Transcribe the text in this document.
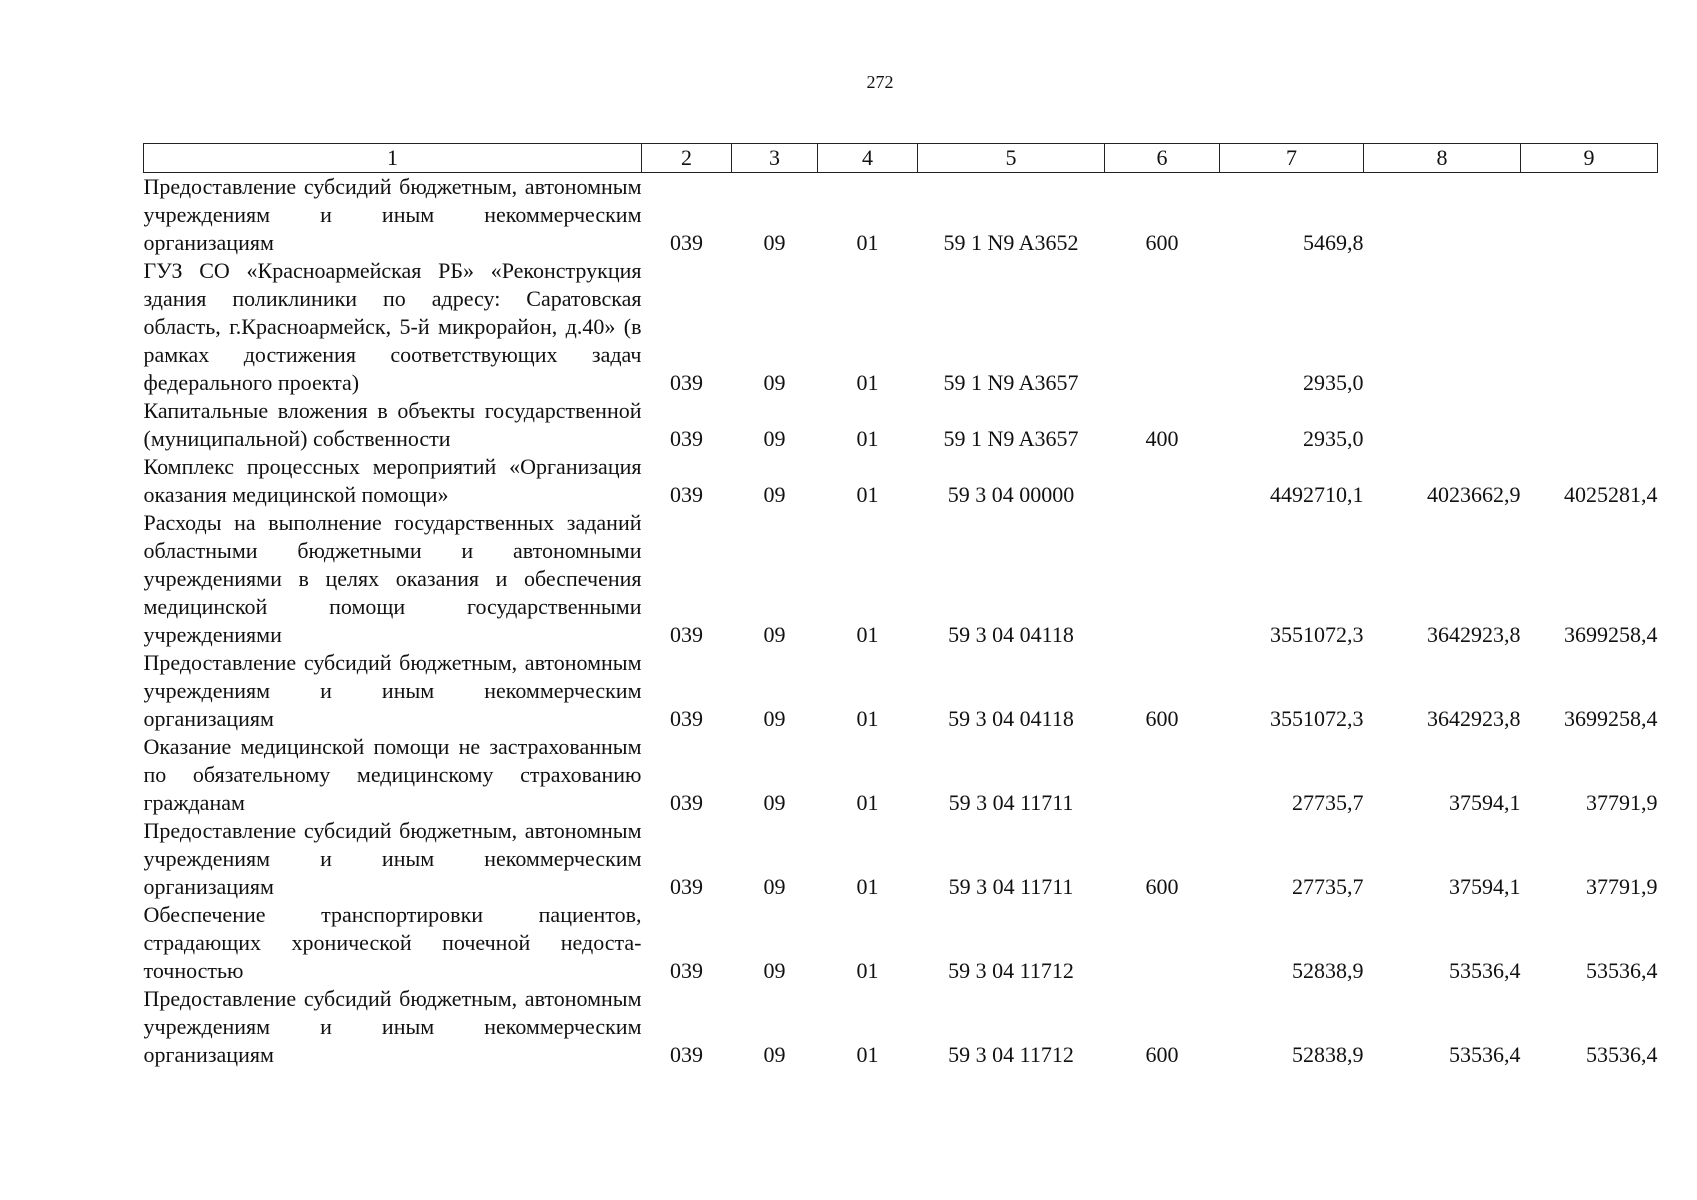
272
1	2	3	4	5	6	7	8	9
Предоставление субсидий бюджетным, автономным учреждениям и иным некоммерческим организациям	039	09	01	59 1 N9 A3652	600	5469,8		
ГУЗ СО «Красноармейская РБ» «Реконструкция здания поликлиники по адресу: Саратовская область, г.Красноармейск, 5-й микрорайон, д.40» (в рамках достижения соответствующих задач федерального проекта)	039	09	01	59 1 N9 A3657		2935,0		
Капитальные вложения в объекты государственной (муниципальной) собственности	039	09	01	59 1 N9 A3657	400	2935,0		
Комплекс процессных мероприятий «Организация оказания медицинской помощи»	039	09	01	59 3 04 00000		4492710,1	4023662,9	4025281,4
Расходы на выполнение государственных заданий областными бюджетными и автономными учреждениями в целях оказания и обеспечения медицинской помощи государственными учреждениями	039	09	01	59 3 04 04118		3551072,3	3642923,8	3699258,4
Предоставление субсидий бюджетным, автономным учреждениям и иным некоммерческим организациям	039	09	01	59 3 04 04118	600	3551072,3	3642923,8	3699258,4
Оказание медицинской помощи не застрахованным по обязательному медицинскому страхованию гражданам	039	09	01	59 3 04 11711		27735,7	37594,1	37791,9
Предоставление субсидий бюджетным, автономным учреждениям и иным некоммерческим организациям	039	09	01	59 3 04 11711	600	27735,7	37594,1	37791,9
Обеспечение транспортировки пациентов, страдающих хронической почечной недостаточностью	039	09	01	59 3 04 11712		52838,9	53536,4	53536,4
Предоставление субсидий бюджетным, автономным учреждениям и иным некоммерческим организациям	039	09	01	59 3 04 11712	600	52838,9	53536,4	53536,4
